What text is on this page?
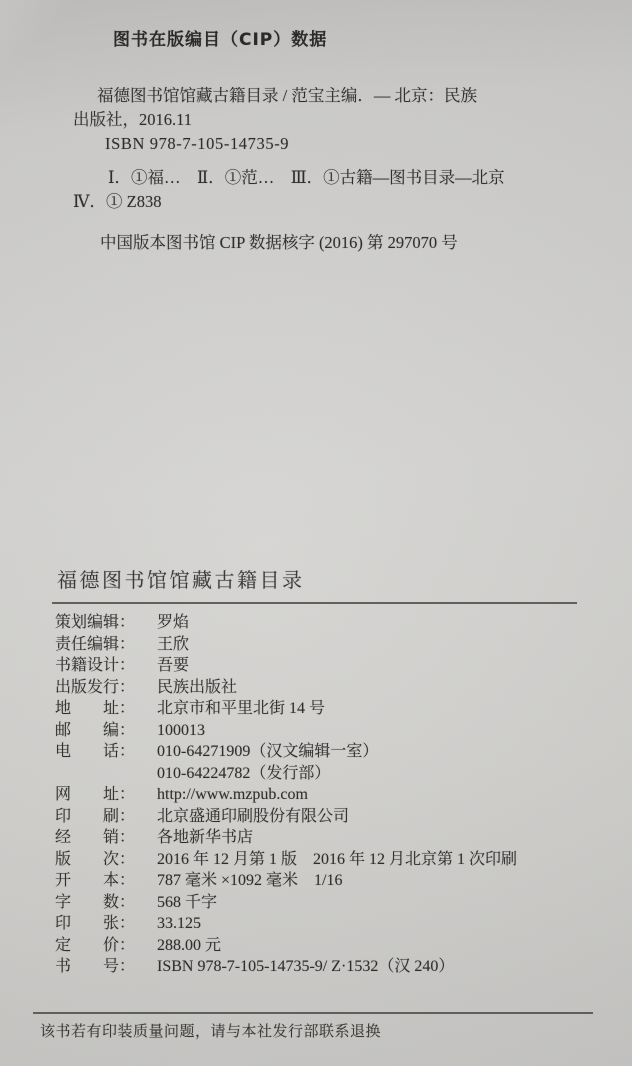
图书在版编目（CIP）数据
福德图书馆馆藏古籍目录 / 范宝主编．— 北京：民族
出版社，2016.11
ISBN 978-7-105-14735-9
Ⅰ．①福…　Ⅱ．①范…　Ⅲ．①古籍—图书目录—北京
Ⅳ．① Z838
中国版本图书馆 CIP 数据核字 (2016) 第 297070 号
福德图书馆馆藏古籍目录
策划编辑： 罗焰
责任编辑： 王欣
书籍设计： 吾要
出版发行： 民族出版社
地　　址： 北京市和平里北街 14 号
邮　　编： 100013
电　　话： 010-64271909（汉文编辑一室）
010-64224782（发行部）
网　　址： http://www.mzpub.com
印　　刷： 北京盛通印刷股份有限公司
经　　销： 各地新华书店
版　　次： 2016 年 12 月第 1 版　2016 年 12 月北京第 1 次印刷
开　　本： 787 毫米 ×1092 毫米　1/16
字　　数： 568 千字
印　　张： 33.125
定　　价： 288.00 元
书　　号： ISBN 978-7-105-14735-9/ Z·1532（汉 240）
该书若有印装质量问题，请与本社发行部联系退换
